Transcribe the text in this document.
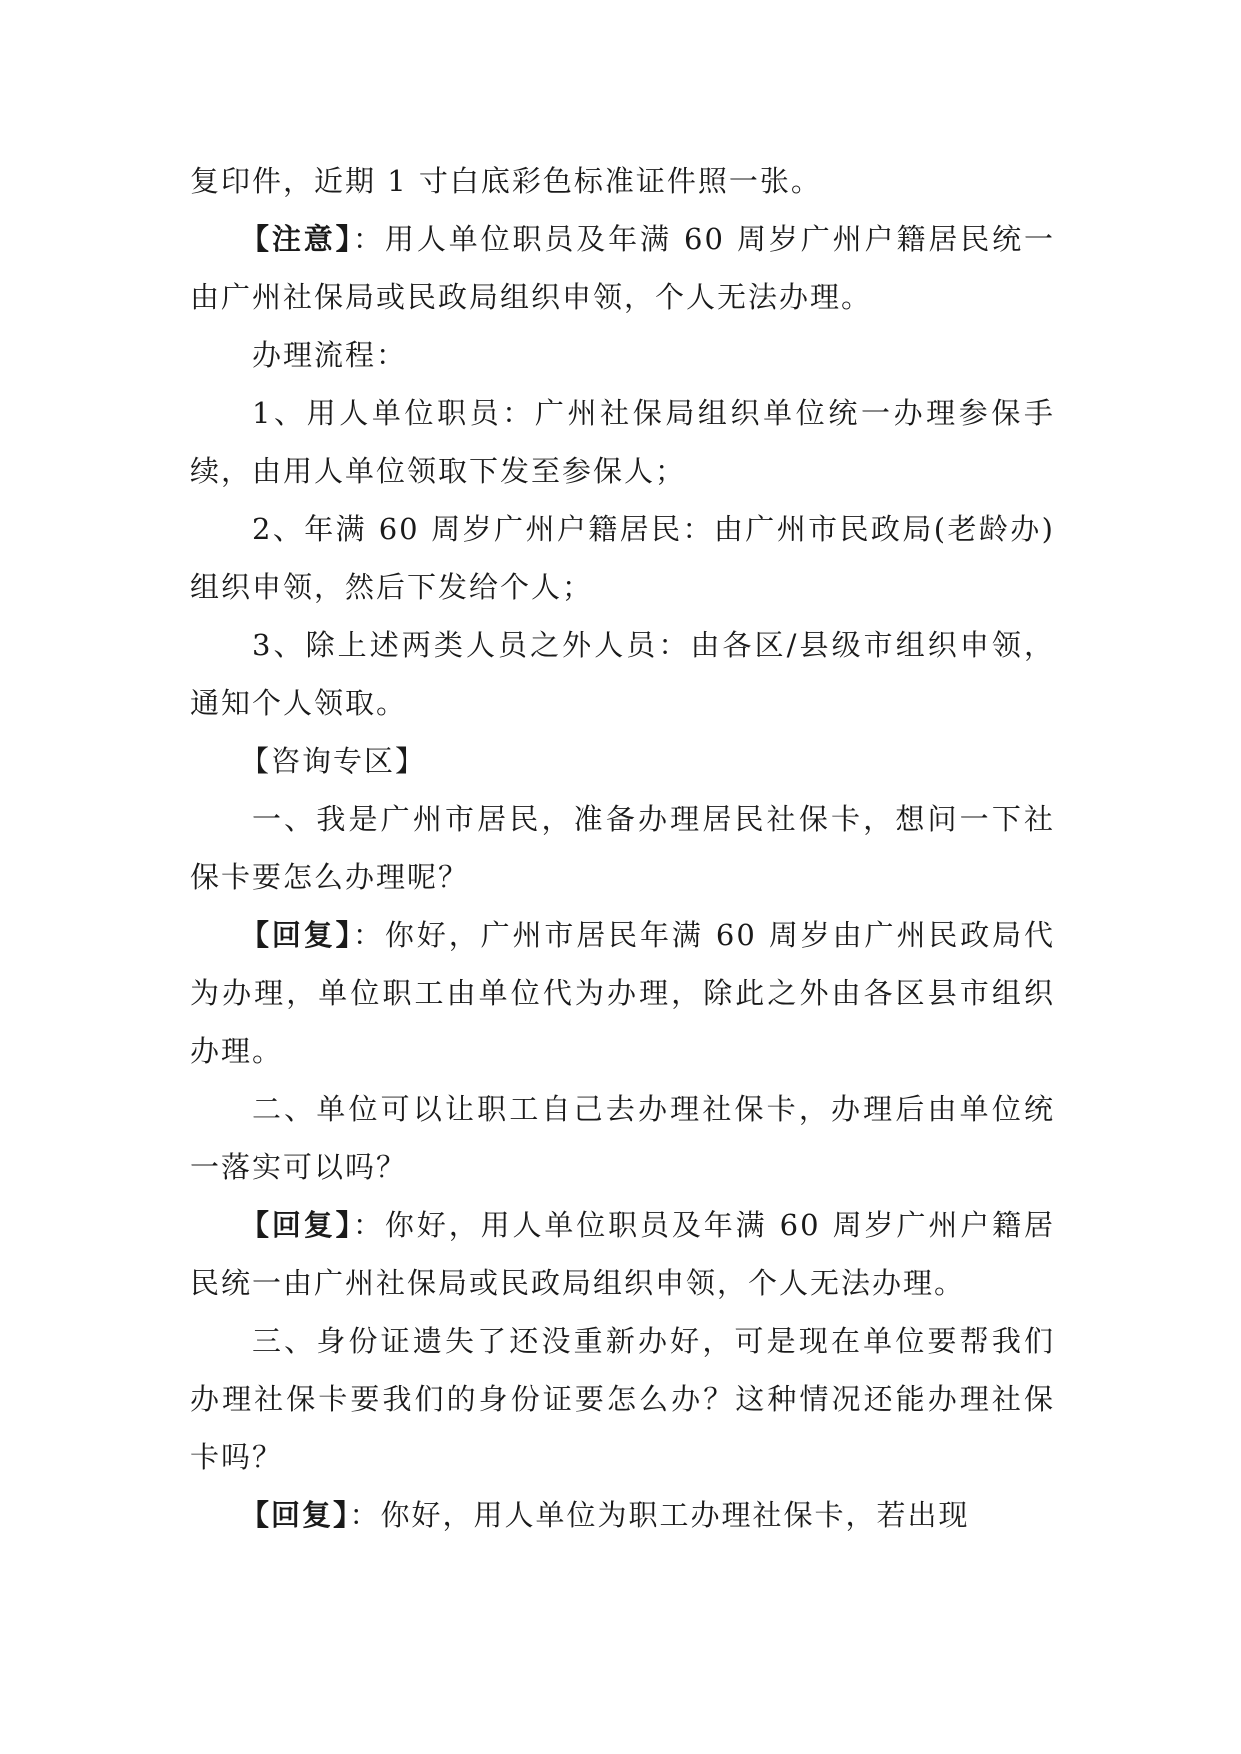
复印件，近期 1 寸白底彩色标准证件照一张。

【注意】：用人单位职员及年满 60 周岁广州户籍居民统一由广州社保局或民政局组织申领，个人无法办理。

办理流程：

1、用人单位职员：广州社保局组织单位统一办理参保手续，由用人单位领取下发至参保人；

2、年满 60 周岁广州户籍居民：由广州市民政局(老龄办)组织申领，然后下发给个人；

3、除上述两类人员之外人员：由各区/县级市组织申领，通知个人领取。

【咨询专区】

一、我是广州市居民，准备办理居民社保卡，想问一下社保卡要怎么办理呢？

【回复】：你好，广州市居民年满 60 周岁由广州民政局代为办理，单位职工由单位代为办理，除此之外由各区县市组织办理。

二、单位可以让职工自己去办理社保卡，办理后由单位统一落实可以吗？

【回复】：你好，用人单位职员及年满 60 周岁广州户籍居民统一由广州社保局或民政局组织申领，个人无法办理。

三、身份证遗失了还没重新办好，可是现在单位要帮我们办理社保卡要我们的身份证要怎么办？这种情况还能办理社保卡吗？

【回复】：你好，用人单位为职工办理社保卡，若出现
